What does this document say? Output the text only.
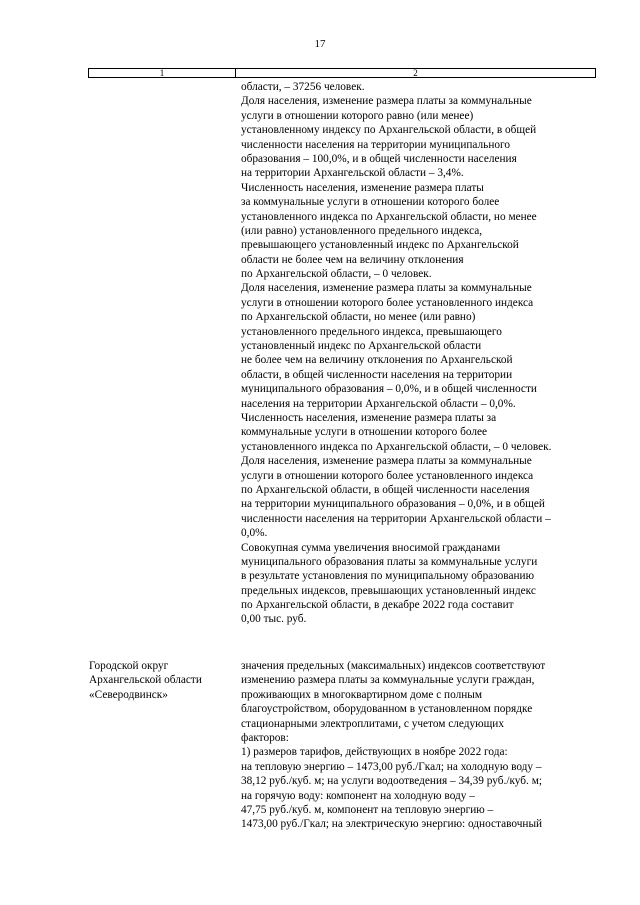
17
1	2
области, – 37256 человек.
Доля населения, изменение размера платы за коммунальные
услуги в отношении которого равно (или менее)
установленному индексу по Архангельской области, в общей
численности населения на территории муниципального
образования – 100,0%, и в общей численности населения
на территории Архангельской области – 3,4%.
Численность населения, изменение размера платы
за коммунальные услуги в отношении которого более
установленного индекса по Архангельской области, но менее
(или равно) установленного предельного индекса,
превышающего установленный индекс по Архангельской
области не более чем на величину отклонения
по Архангельской области, – 0 человек.
Доля населения, изменение размера платы за коммунальные
услуги в отношении которого более установленного индекса
по Архангельской области, но менее (или равно)
установленного предельного индекса, превышающего
установленный индекс по Архангельской области
не более чем на величину отклонения по Архангельской
области, в общей численности населения на территории
муниципального образования – 0,0%, и в общей численности
населения на территории Архангельской области – 0,0%.
Численность населения, изменение размера платы за
коммунальные услуги в отношении которого более
установленного индекса по Архангельской области, – 0 человек.
Доля населения, изменение размера платы за коммунальные
услуги в отношении которого более установленного индекса
по Архангельской области, в общей численности населения
на территории муниципального образования – 0,0%, и в общей
численности населения на территории Архангельской области –
0,0%.
Совокупная сумма увеличения вносимой гражданами
муниципального образования платы за коммунальные услуги
в результате установления по муниципальному образованию
предельных индексов, превышающих установленный индекс
по Архангельской области, в декабре 2022 года составит
0,00 тыс. руб.
Городской округ
Архангельской области
«Северодвинск»
значения предельных (максимальных) индексов соответствуют
изменению размера платы за коммунальные услуги граждан,
проживающих в многоквартирном доме с полным
благоустройством, оборудованном в установленном порядке
стационарными электроплитами, с учетом следующих
факторов:
1) размеров тарифов, действующих в ноябре 2022 года:
на тепловую энергию – 1473,00 руб./Гкал; на холодную воду –
38,12 руб./куб. м; на услуги водоотведения – 34,39 руб./куб. м;
на горячую воду: компонент на холодную воду –
47,75 руб./куб. м, компонент на тепловую энергию –
1473,00 руб./Гкал; на электрическую энергию: одноставочный
